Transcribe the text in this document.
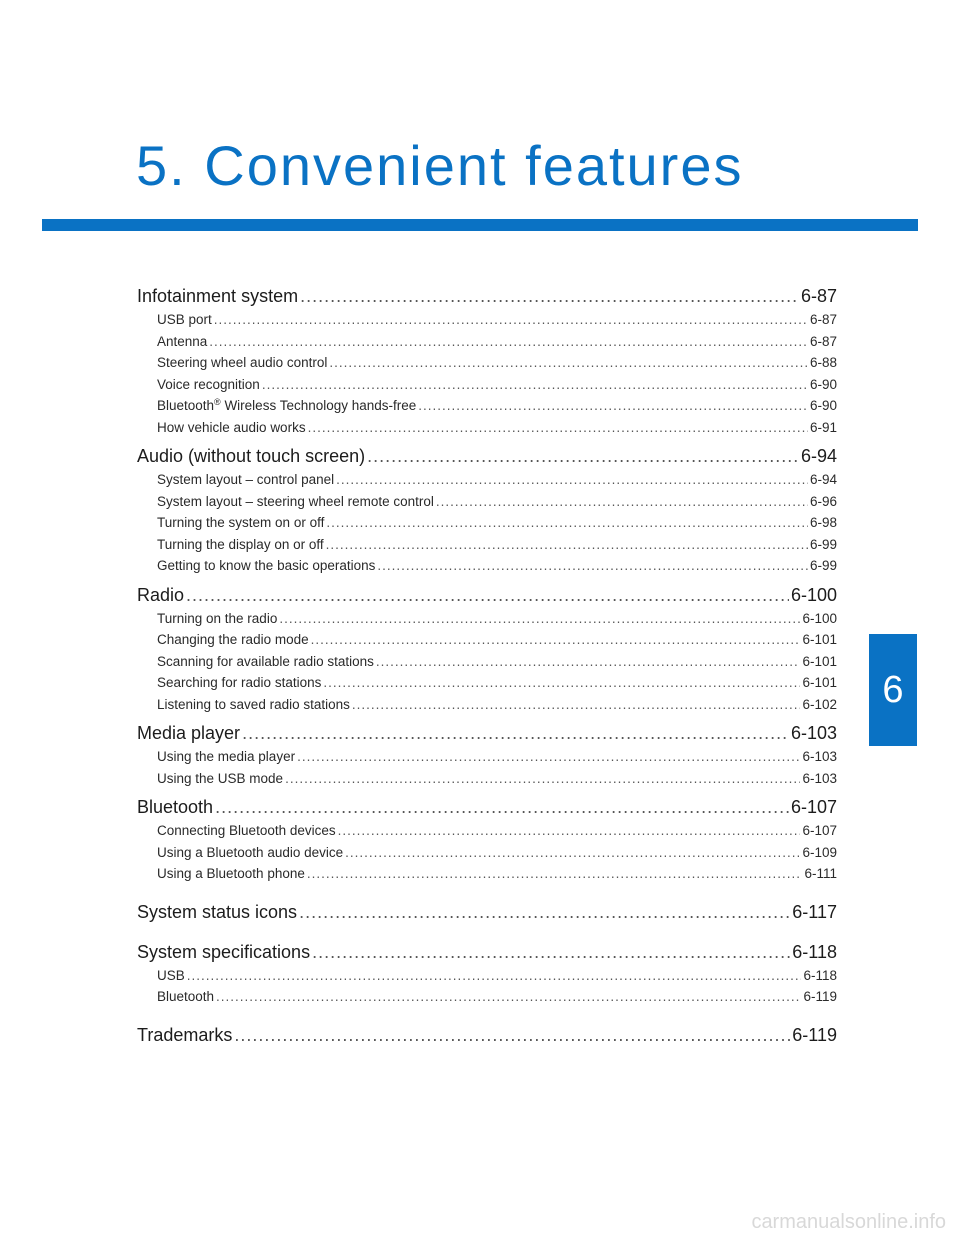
5. Convenient features
Infotainment system .....	6-87
USB port .....	6-87
Antenna .....	6-87
Steering wheel audio control .....	6-88
Voice recognition .....	6-90
Bluetooth® Wireless Technology hands-free .....	6-90
How vehicle audio works .....	6-91
Audio (without touch screen) .....	6-94
System layout – control panel .....	6-94
System layout – steering wheel remote control .....	6-96
Turning the system on or off .....	6-98
Turning the display on or off .....	6-99
Getting to know the basic operations .....	6-99
Radio .....	6-100
Turning on the radio .....	6-100
Changing the radio mode .....	6-101
Scanning for available radio stations .....	6-101
Searching for radio stations .....	6-101
Listening to saved radio stations .....	6-102
Media player .....	6-103
Using the media player .....	6-103
Using the USB mode .....	6-103
Bluetooth .....	6-107
Connecting Bluetooth devices .....	6-107
Using a Bluetooth audio device .....	6-109
Using a Bluetooth phone .....	6-111
System status icons .....	6-117
System specifications .....	6-118
USB .....	6-118
Bluetooth .....	6-119
Trademarks .....	6-119
6
carmanualsonline.info
